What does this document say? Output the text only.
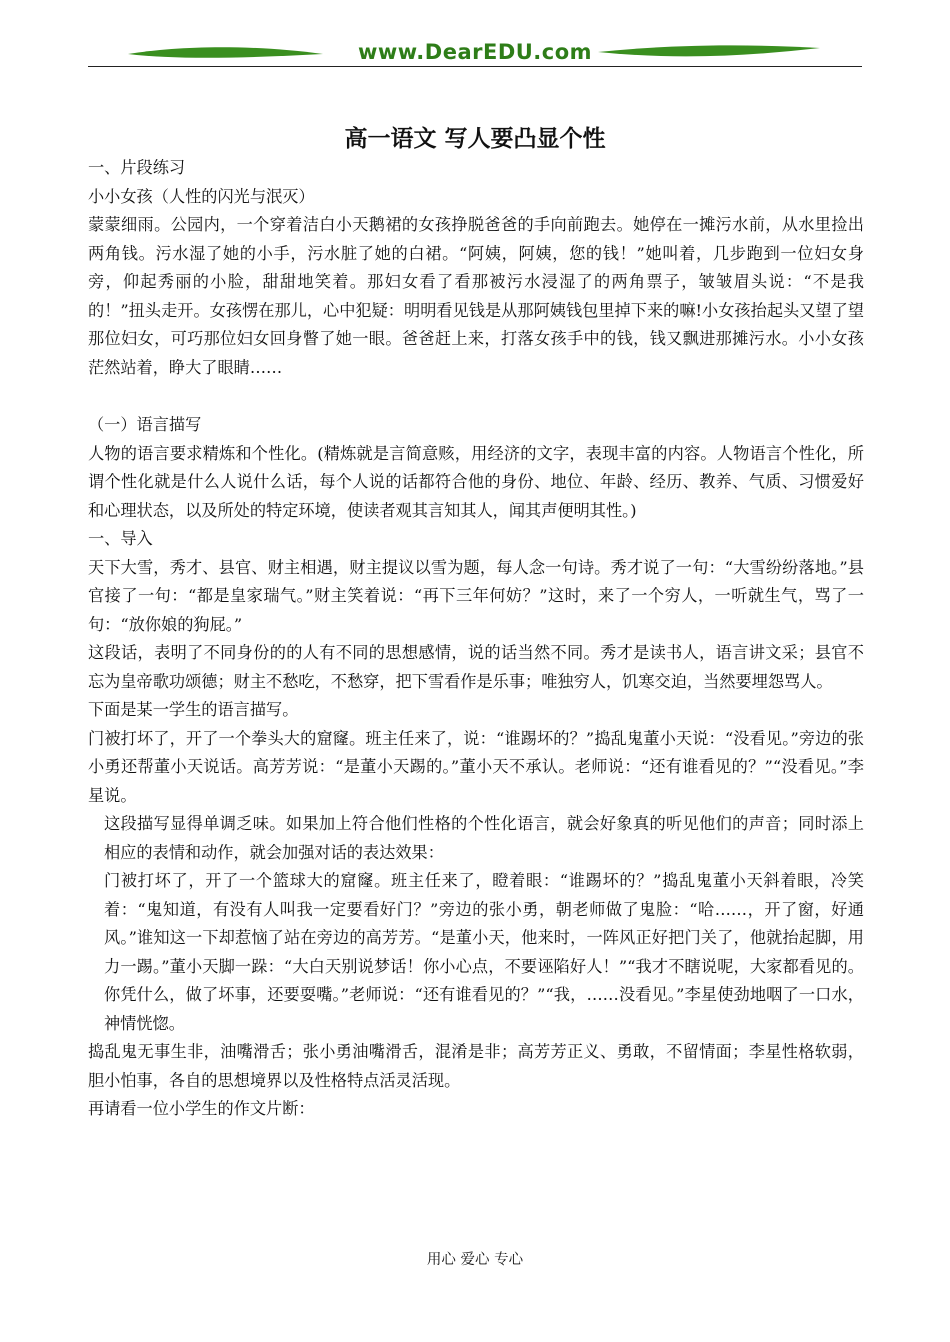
www.DearEDU.com
高一语文 写人要凸显个性

一、片段练习

小小女孩（人性的闪光与泯灭）

蒙蒙细雨。公园内，一个穿着洁白小天鹅裙的女孩挣脱爸爸的手向前跑去。她停在一摊污水前，从水里捡出两角钱。污水湿了她的小手，污水脏了她的白裙。“阿姨，阿姨，您的钱！”她叫着，几步跑到一位妇女身旁，仰起秀丽的小脸，甜甜地笑着。那妇女看了看那被污水浸湿了的两角票子，皱皱眉头说：“不是我的！”扭头走开。女孩愣在那儿，心中犯疑：明明看见钱是从那阿姨钱包里掉下来的嘛!小女孩抬起头又望了望那位妇女，可巧那位妇女回身瞥了她一眼。爸爸赶上来，打落女孩手中的钱，钱又飘进那摊污水。小小女孩茫然站着，睁大了眼睛……

（一）语言描写

人物的语言要求精炼和个性化。(精炼就是言简意赅，用经济的文字，表现丰富的内容。人物语言个性化，所谓个性化就是什么人说什么话，每个人说的话都符合他的身份、地位、年龄、经历、教养、气质、习惯爱好和心理状态，以及所处的特定环境，使读者观其言知其人，闻其声便明其性。)

一、导入

天下大雪，秀才、县官、财主相遇，财主提议以雪为题，每人念一句诗。秀才说了一句：“大雪纷纷落地。”县官接了一句：“都是皇家瑞气。”财主笑着说：“再下三年何妨？”这时，来了一个穷人，一听就生气，骂了一句：“放你娘的狗屁。”

这段话，表明了不同身份的的人有不同的思想感情，说的话当然不同。秀才是读书人，语言讲文采；县官不忘为皇帝歌功颂德；财主不愁吃，不愁穿，把下雪看作是乐事；唯独穷人，饥寒交迫，当然要埋怨骂人。

下面是某一学生的语言描写。

门被打坏了，开了一个拳头大的窟窿。班主任来了，说：“谁踢坏的？”捣乱鬼董小天说：“没看见。”旁边的张小勇还帮董小天说话。高芳芳说：“是董小天踢的。”董小天不承认。老师说：“还有谁看见的？”“没看见。”李星说。

这段描写显得单调乏味。如果加上符合他们性格的个性化语言，就会好象真的听见他们的声音；同时添上相应的表情和动作，就会加强对话的表达效果：

门被打坏了，开了一个篮球大的窟窿。班主任来了，瞪着眼：“谁踢坏的？”捣乱鬼董小天斜着眼，冷笑着：“鬼知道，有没有人叫我一定要看好门？”旁边的张小勇，朝老师做了鬼脸：“哈……，开了窗，好通风。”谁知这一下却惹恼了站在旁边的高芳芳。“是董小天，他来时，一阵风正好把门关了，他就抬起脚，用力一踢。”董小天脚一跺：“大白天别说梦话！你小心点，不要诬陷好人！”“我才不瞎说呢，大家都看见的。你凭什么，做了坏事，还要耍嘴。”老师说：“还有谁看见的？”“我，……没看见。”李星使劲地咽了一口水，神情恍惚。

捣乱鬼无事生非，油嘴滑舌；张小勇油嘴滑舌，混淆是非；高芳芳正义、勇敢，不留情面；李星性格软弱，胆小怕事，各自的思想境界以及性格特点活灵活现。

再请看一位小学生的作文片断：

用心 爱心 专心
